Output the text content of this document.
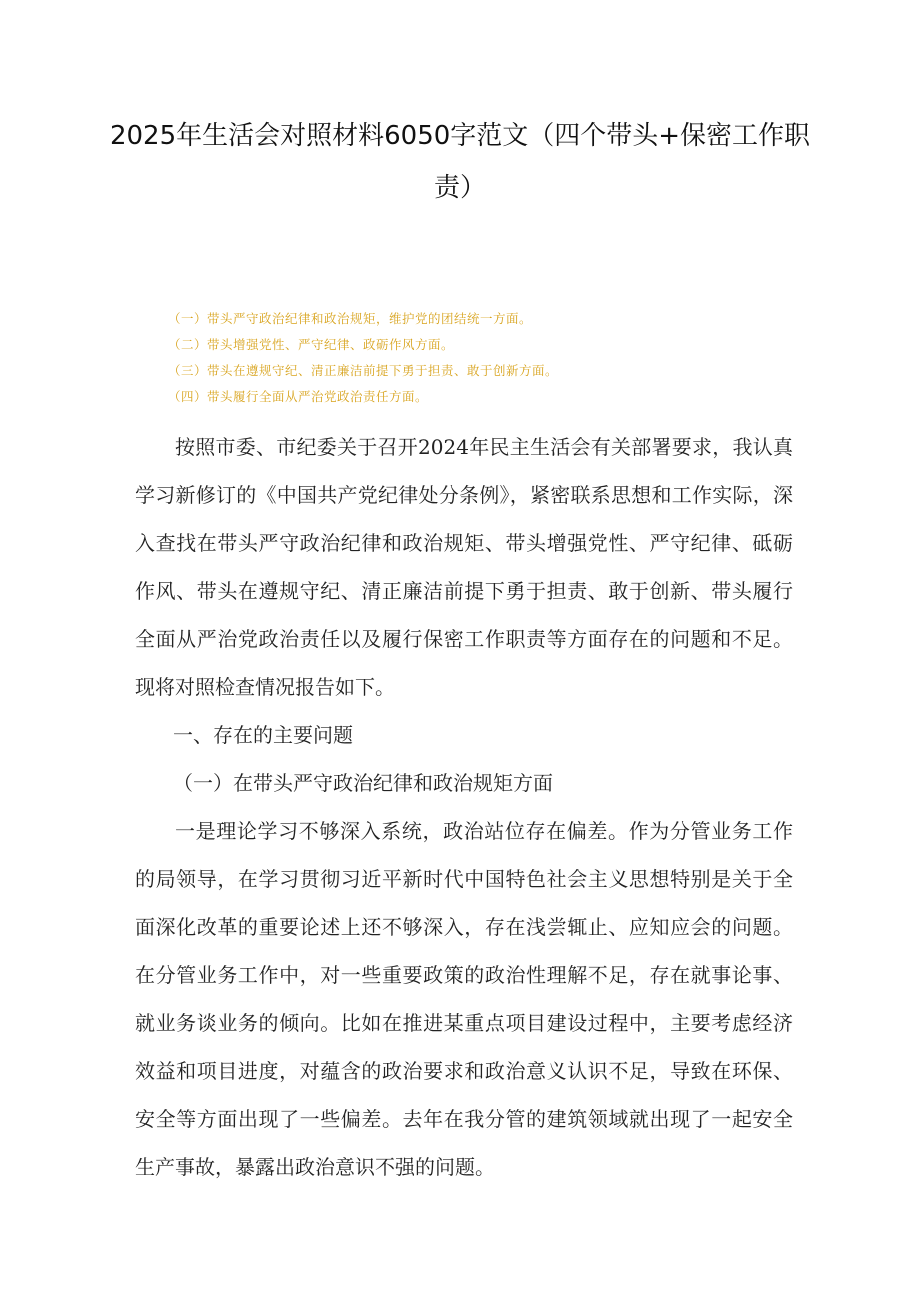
2025年生活会对照材料6050字范文（四个带头+保密工作职责）
（一）带头严守政治纪律和政治规矩，维护党的团结统一方面。
（二）带头增强党性、严守纪律、政砺作风方面。
（三）带头在遵规守纪、清正廉洁前提下勇于担责、敢于创新方面。
（四）带头履行全面从严治党政治责任方面。

按照市委、市纪委关于召开2024年民主生活会有关部署要求，我认真学习新修订的《中国共产党纪律处分条例》，紧密联系思想和工作实际，深入查找在带头严守政治纪律和政治规矩、带头增强党性、严守纪律、砥砺作风、带头在遵规守纪、清正廉洁前提下勇于担责、敢于创新、带头履行全面从严治党政治责任以及履行保密工作职责等方面存在的问题和不足。现将对照检查情况报告如下。

一、存在的主要问题

（一）在带头严守政治纪律和政治规矩方面

一是理论学习不够深入系统，政治站位存在偏差。作为分管业务工作的局领导，在学习贯彻习近平新时代中国特色社会主义思想特别是关于全面深化改革的重要论述上还不够深入，存在浅尝辄止、应知应会的问题。在分管业务工作中，对一些重要政策的政治性理解不足，存在就事论事、就业务谈业务的倾向。比如在推进某重点项目建设过程中，主要考虑经济效益和项目进度，对蕴含的政治要求和政治意义认识不足，导致在环保、安全等方面出现了一些偏差。去年在我分管的建筑领域就出现了一起安全生产事故，暴露出政治意识不强的问题。
